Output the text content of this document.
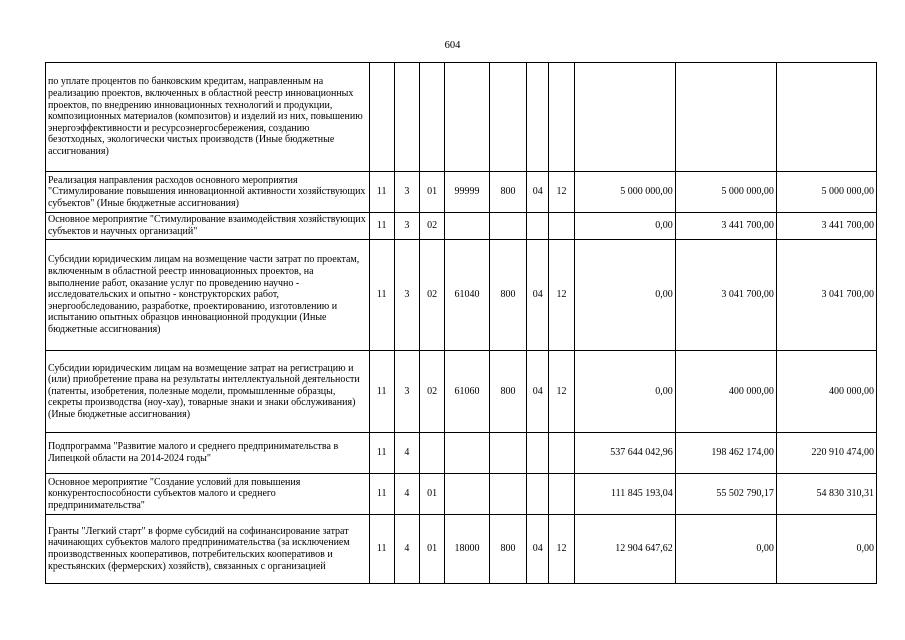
604
по уплате процентов по банковским кредитам, направленным на реализацию проектов, включенных в областной реестр инновационных проектов, по внедрению инновационных технологий и продукции, композиционных материалов (композитов) и изделий из них, повышению энергоэффективности и ресурсоэнергосбережения, созданию безотходных, экологически чистых производств (Иные бюджетные ассигнования)										
Реализация направления расходов основного мероприятия "Стимулирование повышения инновационной активности хозяйствующих субъектов" (Иные бюджетные ассигнования)	11	3	01	99999	800	04	12	5 000 000,00	5 000 000,00	5 000 000,00
Основное мероприятие "Стимулирование взаимодействия хозяйствующих субъектов и научных организаций"	11	3	02					0,00	3 441 700,00	3 441 700,00
Субсидии юридическим лицам на возмещение части затрат по проектам, включенным в областной реестр инновационных проектов, на выполнение работ, оказание услуг по проведению научно - исследовательских и опытно - конструкторских работ, энергообследованию, разработке, проектированию, изготовлению и испытанию опытных образцов инновационной продукции (Иные бюджетные ассигнования)	11	3	02	61040	800	04	12	0,00	3 041 700,00	3 041 700,00
Субсидии юридическим лицам на возмещение затрат на регистрацию и (или) приобретение права на результаты интеллектуальной деятельности (патенты, изобретения, полезные модели, промышленные образцы, секреты производства (ноу-хау), товарные знаки и знаки обслуживания) (Иные бюджетные ассигнования)	11	3	02	61060	800	04	12	0,00	400 000,00	400 000,00
Подпрограмма "Развитие малого и среднего предпринимательства в Липецкой области на 2014-2024 годы"	11	4						537 644 042,96	198 462 174,00	220 910 474,00
Основное мероприятие "Создание условий для повышения конкурентоспособности субъектов малого и среднего предпринимательства"	11	4	01					111 845 193,04	55 502 790,17	54 830 310,31
Гранты "Легкий старт" в форме субсидий на софинансирование затрат начинающих субъектов малого предпринимательства (за исключением производственных кооперативов, потребительских кооперативов и крестьянских (фермерских) хозяйств), связанных с организацией	11	4	01	18000	800	04	12	12 904 647,62	0,00	0,00
